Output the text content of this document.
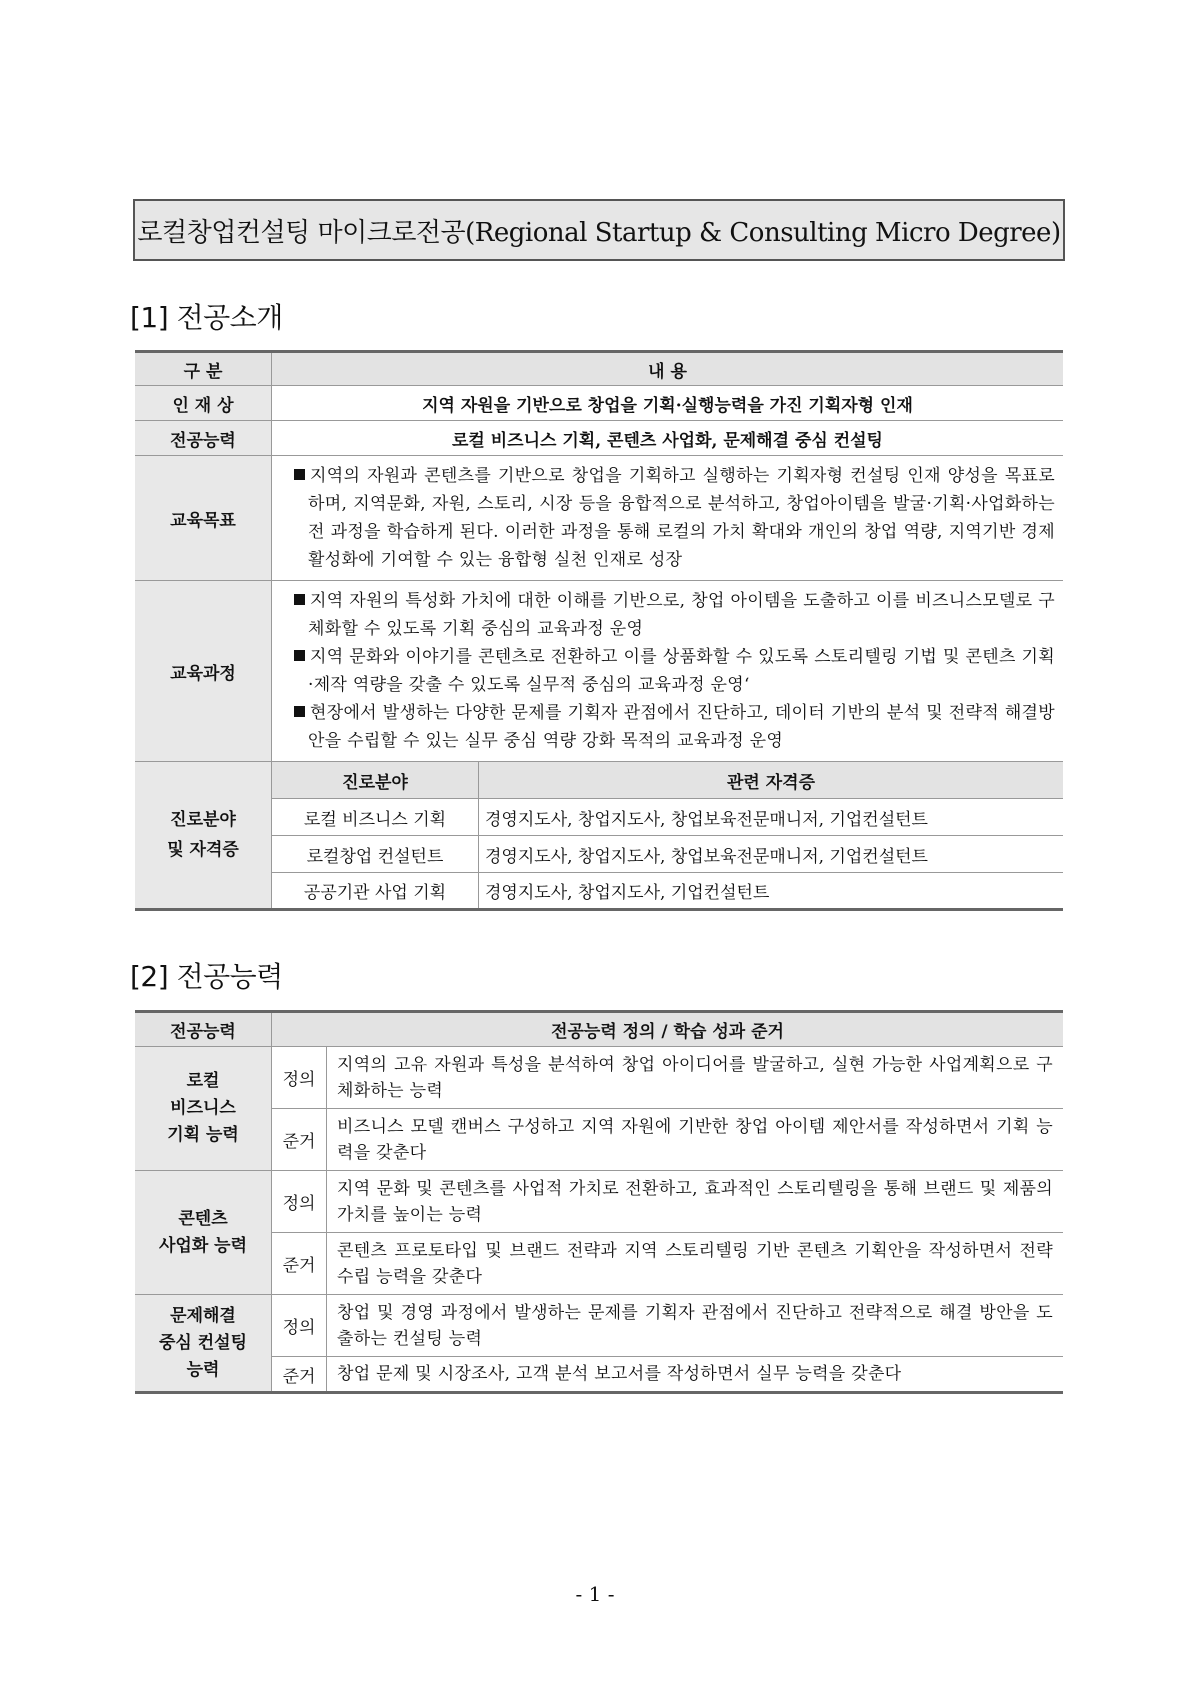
로컬창업컨설팅 마이크로전공(Regional Startup & Consulting Micro Degree)
[1] 전공소개
구 분	내 용	
인 재 상	지역 자원을 기반으로 창업을 기획·실행능력을 가진 기획자형 인재	
전공능력	로컬 비즈니스 기획, 콘텐츠 사업화, 문제해결 중심 컨설팅	
교육목표	지역의 자원과 콘텐츠를 기반으로 창업을 기획하고 실행하는 기획자형 컨설팅 인재 양성을 목표로 하며, 지역문화, 자원, 스토리, 시장 등을 융합적으로 분석하고, 창업아이템을 발굴·기획·사업화하는 전 과정을 학습하게 된다. 이러한 과정을 통해 로컬의 가치 확대와 개인의 창업 역량, 지역기반 경제 활성화에 기여할 수 있는 융합형 실천 인재로 성장	

교육과정	지역 자원의 특성화 가치에 대한 이해를 기반으로, 창업 아이템을 도출하고 이를 비즈니스모델로 구체화할 수 있도록 기획 중심의 교육과정 운영
지역 문화와 이야기를 콘텐츠로 전환하고 이를 상품화할 수 있도록 스토리텔링 기법 및 콘텐츠 기획·제작 역량을 갖출 수 있도록 실무적 중심의 교육과정 운영‘
현장에서 발생하는 다양한 문제를 기획자 관점에서 진단하고, 데이터 기반의 분석 및 전략적 해결방안을 수립할 수 있는 실무 중심 역량 강화 목적의 교육과정 운영	

진로분야
및 자격증	진로분야	관련 자격증
	로컬 비즈니스 기획	경영지도사, 창업지도사, 창업보육전문매니저, 기업컨설턴트
	로컬창업 컨설턴트	경영지도사, 창업지도사, 창업보육전문매니저, 기업컨설턴트
	공공기관 사업 기획	경영지도사, 창업지도사, 기업컨설턴트
[2] 전공능력
전공능력	전공능력 정의 / 학습 성과 준거	
로컬
비즈니스
기획 능력	정의	지역의 고유 자원과 특성을 분석하여 창업 아이디어를 발굴하고, 실현 가능한 사업계획으로 구체화하는 능력
	준거	비즈니스 모델 캔버스 구성하고 지역 자원에 기반한 창업 아이템 제안서를 작성하면서 기획 능력을 갖춘다
콘텐츠
사업화 능력	정의	지역 문화 및 콘텐츠를 사업적 가치로 전환하고, 효과적인 스토리텔링을 통해 브랜드 및 제품의 가치를 높이는 능력
	준거	콘텐츠 프로토타입 및 브랜드 전략과 지역 스토리텔링 기반 콘텐츠 기획안을 작성하면서 전략 수립 능력을 갖춘다
문제해결
중심 컨설팅
능력	정의	창업 및 경영 과정에서 발생하는 문제를 기획자 관점에서 진단하고 전략적으로 해결 방안을 도출하는 컨설팅 능력
	준거	창업 문제 및 시장조사, 고객 분석 보고서를 작성하면서 실무 능력을 갖춘다
- 1 -
